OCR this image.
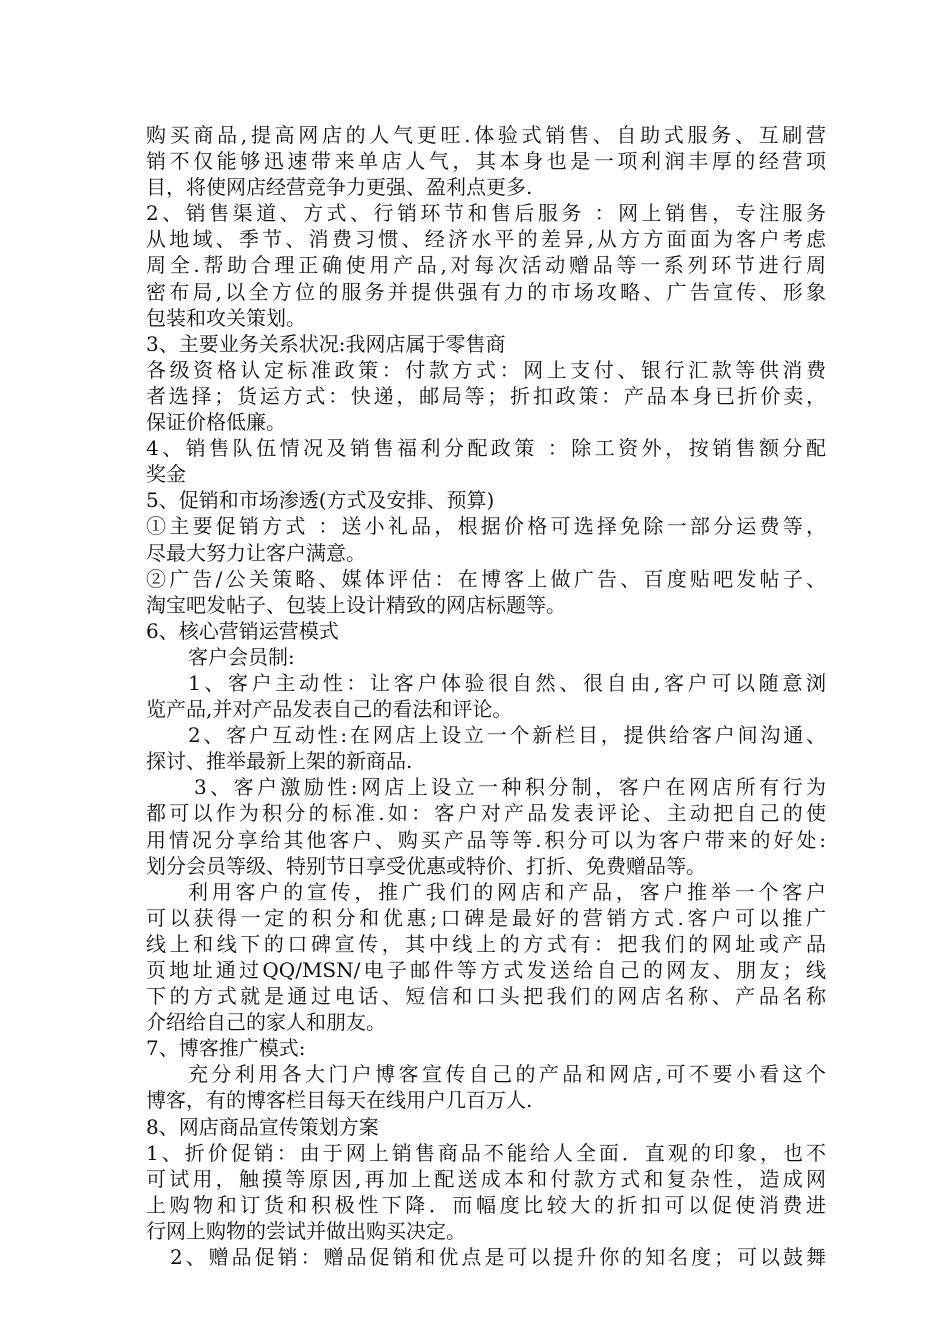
购买商品,提高网店的人气更旺.体验式销售、自助式服务、互刷营
销不仅能够迅速带来单店人气，其本身也是一项利润丰厚的经营项
目，将使网店经营竞争力更强、盈利点更多.
2、销售渠道、方式、行销环节和售后服务 ：网上销售，专注服务
从地域、季节、消费习惯、经济水平的差异,从方方面面为客户考虑
周全.帮助合理正确使用产品,对每次活动赠品等一系列环节进行周
密布局,以全方位的服务并提供强有力的市场攻略、广告宣传、形象
包装和攻关策划。
3、主要业务关系状况:我网店属于零售商
各级资格认定标准政策：付款方式：网上支付、银行汇款等供消费
者选择；货运方式：快递，邮局等；折扣政策：产品本身已折价卖，
保证价格低廉。
4、销售队伍情况及销售福利分配政策 ：除工资外，按销售额分配
奖金
5、促销和市场渗透(方式及安排、预算)
①主要促销方式 ：送小礼品，根据价格可选择免除一部分运费等，
尽最大努力让客户满意。
②广告/公关策略、媒体评估：在博客上做广告、百度贴吧发帖子、
淘宝吧发帖子、包装上设计精致的网店标题等。
6、核心营销运营模式
客户会员制:
1、客户主动性：让客户体验很自然、很自由,客户可以随意浏
览产品,并对产品发表自己的看法和评论。
2、客户互动性:在网店上设立一个新栏目，提供给客户间沟通、
探讨、推举最新上架的新商品.
3、客户激励性:网店上设立一种积分制，客户在网店所有行为
都可以作为积分的标准.如：客户对产品发表评论、主动把自己的使
用情况分享给其他客户、购买产品等等.积分可以为客户带来的好处:
划分会员等级、特别节日享受优惠或特价、打折、免费赠品等。
利用客户的宣传，推广我们的网店和产品，客户推举一个客户
可以获得一定的积分和优惠;口碑是最好的营销方式.客户可以推广
线上和线下的口碑宣传，其中线上的方式有：把我们的网址或产品
页地址通过QQ/MSN/电子邮件等方式发送给自己的网友、朋友；线
下的方式就是通过电话、短信和口头把我们的网店名称、产品名称
介绍给自己的家人和朋友。
7、博客推广模式:
充分利用各大门户博客宣传自己的产品和网店,可不要小看这个
博客，有的博客栏目每天在线用户几百万人.
8、网店商品宣传策划方案
1、折价促销：由于网上销售商品不能给人全面．直观的印象，也不
可试用，触摸等原因,再加上配送成本和付款方式和复杂性，造成网
上购物和订货和积极性下降．而幅度比较大的折扣可以促使消费进
行网上购物的尝试并做出购买决定。
2、赠品促销：赠品促销和优点是可以提升你的知名度；可以鼓舞
